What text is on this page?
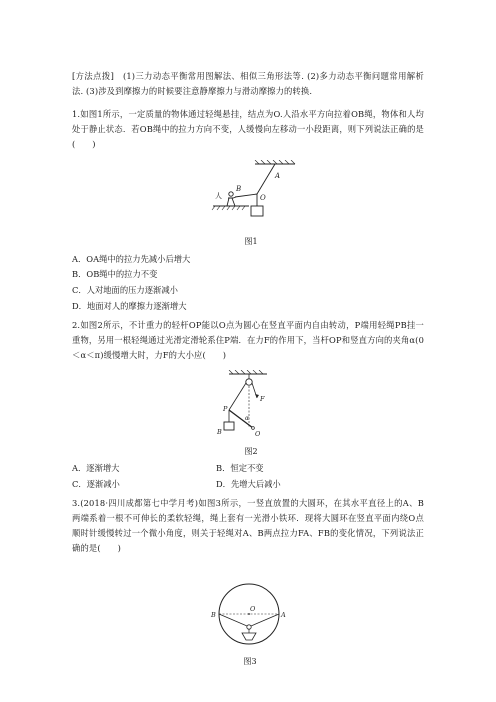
[方法点拨]　(1)三力动态平衡常用图解法、相似三角形法等. (2)多力动态平衡问题常用解析法. (3)涉及到摩擦力的时候要注意静摩擦力与滑动摩擦力的转换.

1.如图1所示，一定质量的物体通过轻绳悬挂，结点为O.人沿水平方向拉着OB绳，物体和人均处于静止状态．若OB绳中的拉力方向不变，人缓慢向左移动一小段距离，则下列说法正确的是(　　)

人
B
O
A
图1
A．OA绳中的拉力先减小后增大
B．OB绳中的拉力不变
C．人对地面的压力逐渐减小
D．地面对人的摩擦力逐渐增大

2.如图2所示，不计重力的轻杆OP能以O点为圆心在竖直平面内自由转动，P端用轻绳PB挂一重物，另用一根轻绳通过光滑定滑轮系住P端．在力F的作用下，当杆OP和竖直方向的夹角α(0＜α＜π)缓慢增大时，力F的大小应(　　)

P
F
α
B	O
图2
A．逐渐增大	B．恒定不变
C．逐渐减小	D．先增大后减小

3.(2018·四川成都第七中学月考)如图3所示，一竖直放置的大圆环，在其水平直径上的A、B两端系着一根不可伸长的柔软轻绳，绳上套有一光滑小铁环．现将大圆环在竖直平面内绕O点顺时针缓慢转过一个微小角度，则关于轻绳对A、B两点拉力FA、FB的变化情况，下列说法正确的是(　　)

B
O
A
图3
